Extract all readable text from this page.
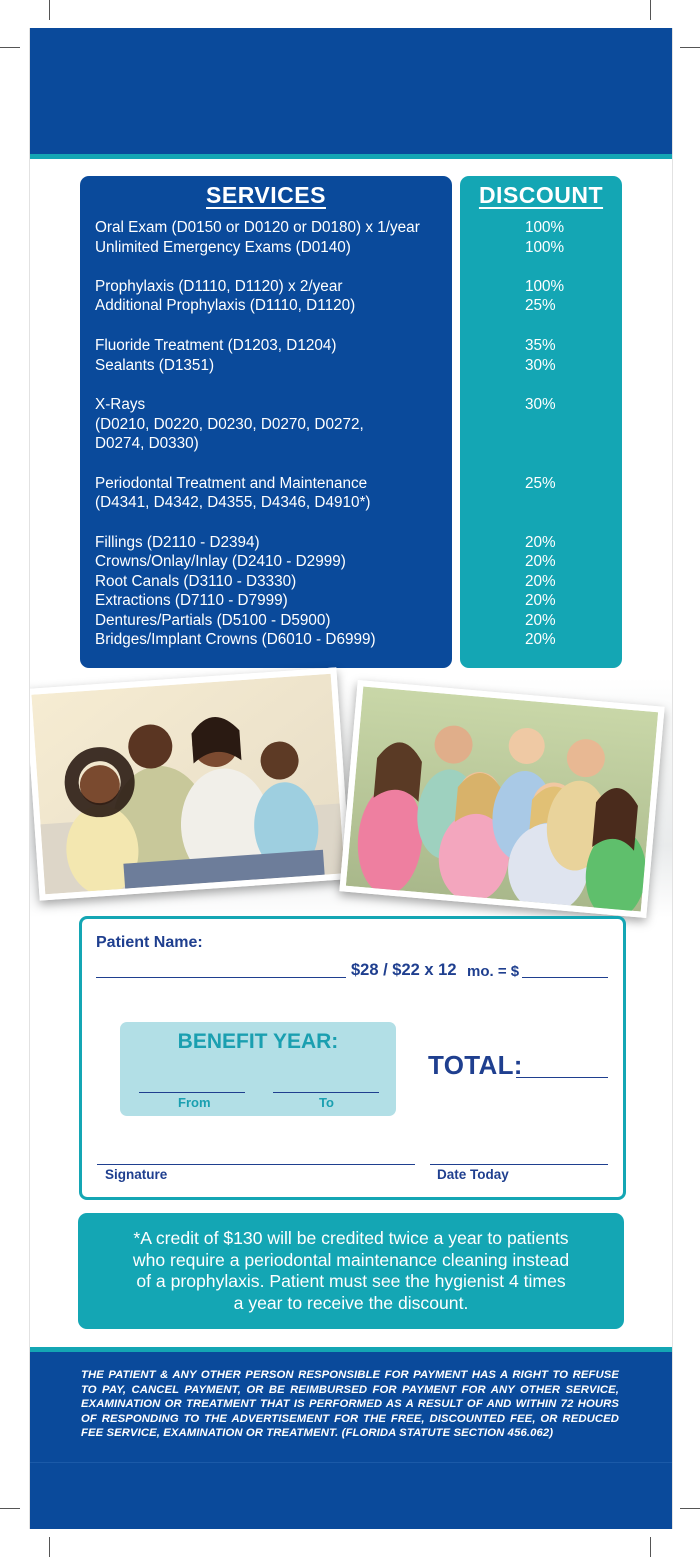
SERVICES
Oral Exam (D0150 or D0120 or D0180) x 1/year
Unlimited Emergency Exams (D0140)
Prophylaxis (D1110, D1120) x 2/year
Additional Prophylaxis (D1110, D1120)
Fluoride Treatment (D1203, D1204)
Sealants (D1351)
X-Rays
(D0210, D0220, D0230, D0270, D0272,
D0274, D0330)
Periodontal Treatment and Maintenance
(D4341, D4342, D4355, D4346, D4910*)
Fillings (D2110 - D2394)
Crowns/Onlay/Inlay (D2410 - D2999)
Root Canals (D3110 - D3330)
Extractions (D7110 - D7999)
Dentures/Partials (D5100 - D5900)
Bridges/Implant Crowns (D6010 - D6999)
DISCOUNT
100%
100%
100%
25%
35%
30%
30%
25%
20%
20%
20%
20%
20%
20%
Patient Name:
$28 / $22 x 12 mo. = $
BENEFIT YEAR:
From	To
TOTAL:
Signature	Date Today

*A credit of $130 will be credited twice a year to patients

who require a periodontal maintenance cleaning instead

of a prophylaxis. Patient must see the hygienist 4 times

a year to receive the discount.

THE PATIENT & ANY OTHER PERSON RESPONSIBLE FOR PAYMENT HAS A RIGHT TO REFUSE TO PAY, CANCEL PAYMENT, OR BE REIMBURSED FOR PAYMENT FOR ANY OTHER SERVICE, EXAMINATION OR TREATMENT THAT IS PERFORMED AS A RESULT OF AND WITHIN 72 HOURS OF RESPONDING TO THE ADVERTISEMENT FOR THE FREE, DISCOUNTED FEE, OR REDUCED FEE SERVICE, EXAMINATION OR TREATMENT. (FLORIDA STATUTE SECTION 456.062)
